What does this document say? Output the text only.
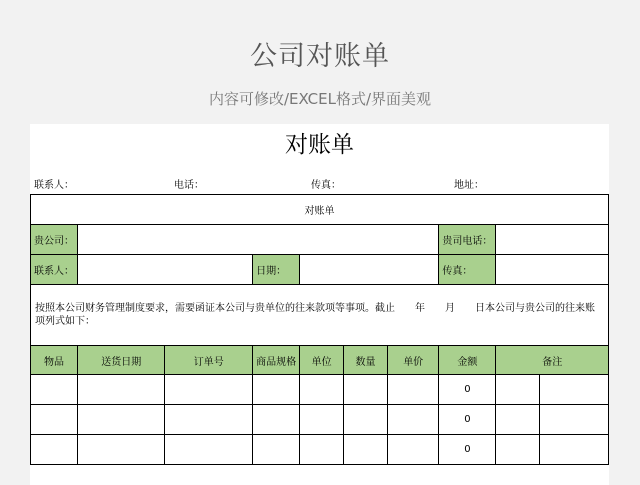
公司对账单
内容可修改/EXCEL格式/界面美观
对账单
联系人：	电话：	传真：	地址：
对账单									
贵公司：							贵司电话：		
联系人：			日期：				传真：		
按照本公司财务管理制度要求，需要函证本公司与贵单位的往来款项等事项。截止　　年　　月　　日本公司与贵公司的往来账项列式如下：									
物品	送货日期	订单号	商品规格	单位	数量	单价	金额	备注	
							0		
							0		
							0		
